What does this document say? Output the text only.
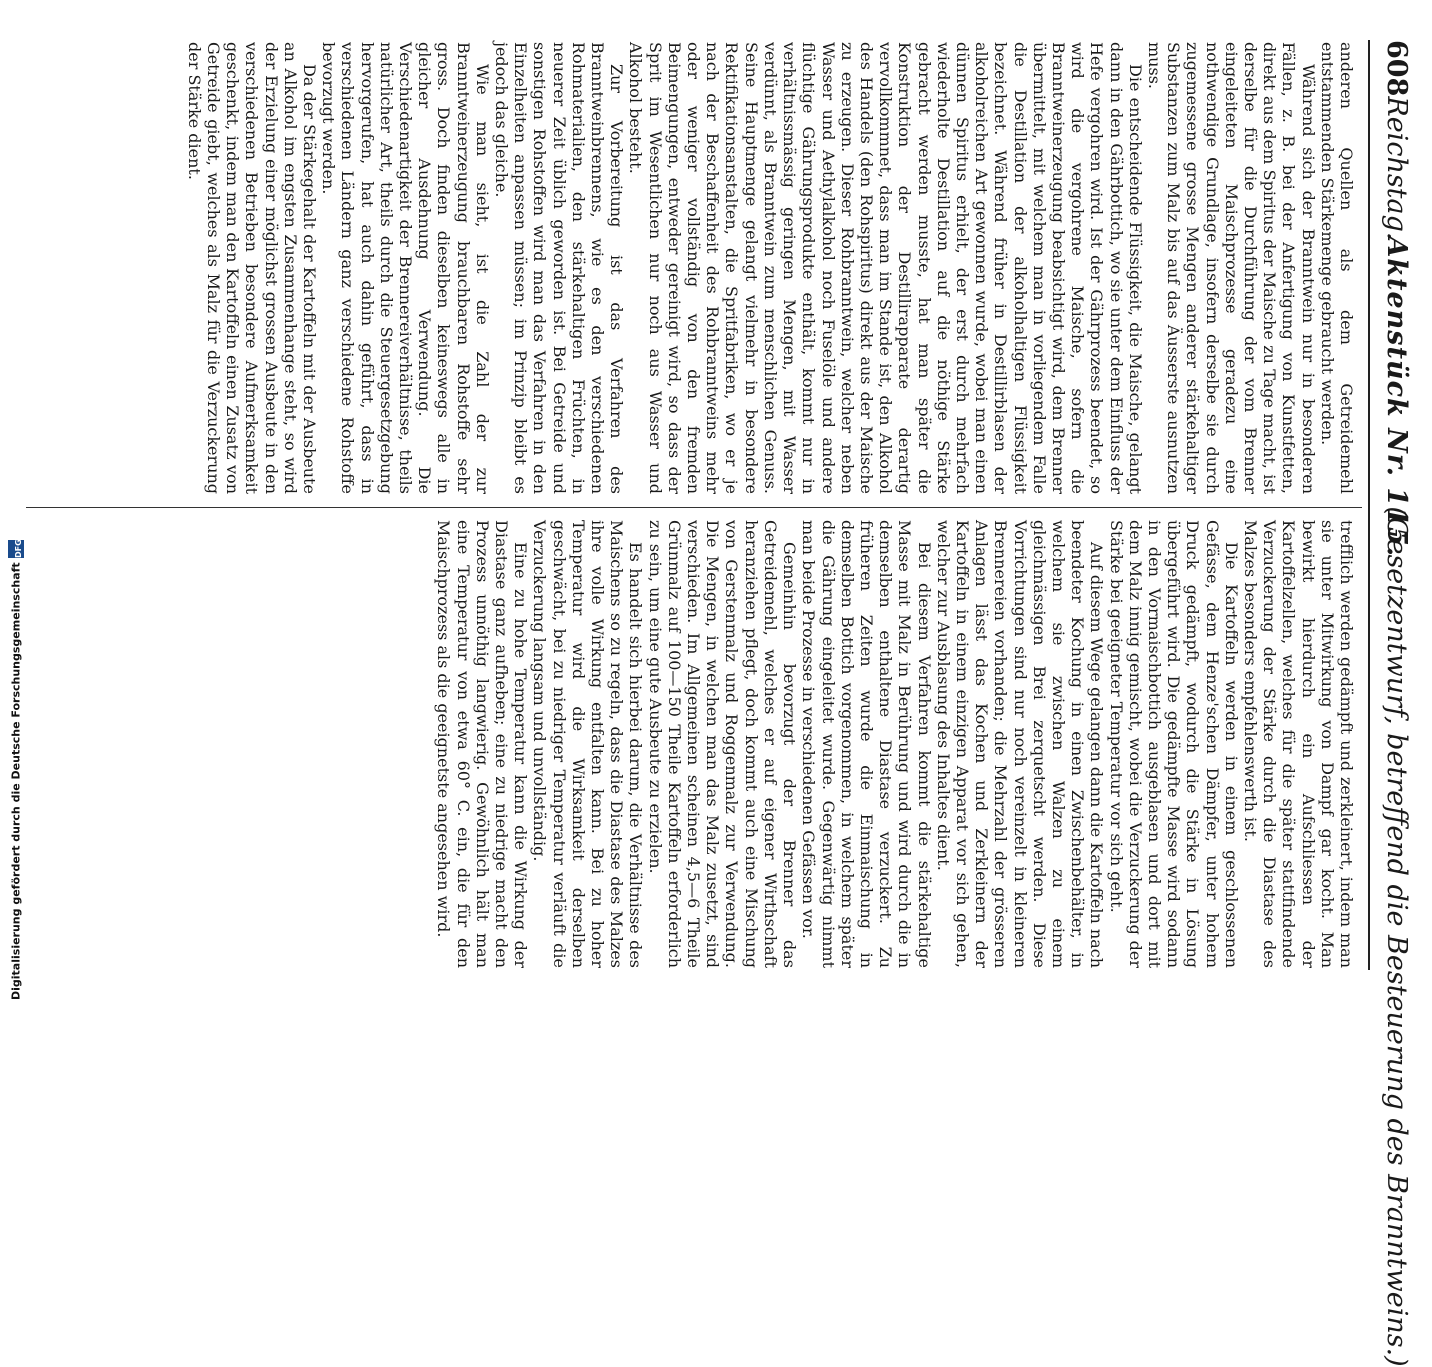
608
Reichstag.
Aktenstück Nr. 115.
(Gesetzentwurf, betreffend die Besteuerung des Branntweins.)

anderen Quellen als dem Getreidemehl entstammenden Stärkemenge gebraucht werden.

Während sich der Branntwein nur in besonderen Fällen, z. B. bei der Anfertigung von Kunstfetten, direkt aus dem Spiritus der Maische zu Tage macht, ist derselbe für die Durchführung der vom Brenner eingeleiteten Maischprozesse geradezu eine nothwendige Grundlage, insofern derselbe sie durch zugemessene grosse Mengen anderer stärkehaltiger Substanzen zum Malz bis auf das Äusserste ausnutzen muss.

Die entscheidende Flüssigkeit, die Maische, gelangt dann in den Gährbottich, wo sie unter dem Einfluss der Hefe vergohren wird. Ist der Gährprozess beendet, so wird die vergohrene Maische, sofern die Branntweinerzeugung beabsichtigt wird, dem Brenner übermittelt, mit welchem man in vorliegendem Falle die Destillation der alkoholhaltigen Flüssigkeit bezeichnet. Während früher in Destillirblasen der alkoholreichen Art gewonnen wurde, wobei man einen dünnen Spiritus erhielt, der erst durch mehrfach wiederholte Destillation auf die nöthige Stärke gebracht werden musste, hat man später die Konstruktion der Destillirapparate derartig vervollkommnet, dass man im Stande ist, den Alkohol des Handels (den Rohspiritus) direkt aus der Maische zu erzeugen. Dieser Rohbranntwein, welcher neben Wasser und Aethylalkohol noch Fuselöle und andere flüchtige Gährungsprodukte enthält, kommt nur in verhältnissmässig geringen Mengen, mit Wasser verdünnt, als Branntwein zum menschlichen Genuss. Seine Hauptmenge gelangt vielmehr in besondere Rektifikationsanstalten, die Spritfabriken, wo er je nach der Beschaffenheit des Rohbranntweins mehr oder weniger vollständig von den fremden Beimengungen, entweder gereinigt wird, so dass der Sprit im Wesentlichen nur noch aus Wasser und Alkohol besteht.

Zur Vorbereitung ist das Verfahren des Branntweinbrennens, wie es den verschiedenen Rohmaterialien, den stärkehaltigen Früchten, in neuerer Zeit üblich geworden ist. Bei Getreide und sonstigen Rohstoffen wird man das Verfahren in den Einzelheiten anpassen müssen; im Prinzip bleibt es jedoch das gleiche.

Wie man sieht, ist die Zahl der zur Branntweinerzeugung brauchbaren Rohstoffe sehr gross. Doch finden dieselben keineswegs alle in gleicher Ausdehnung Verwendung. Die Verschiedenartigkeit der Brennereiverhältnisse, theils natürlicher Art, theils durch die Steuergesetzgebung hervorgerufen, hat auch dahin geführt, dass in verschiedenen Ländern ganz verschiedene Rohstoffe bevorzugt werden.

Da der Stärkegehalt der Kartoffeln mit der Ausbeute an Alkohol im engsten Zusammenhange steht, so wird der Erzielung einer möglichst grossen Ausbeute in den verschiedenen Betrieben besondere Aufmerksamkeit geschenkt, indem man den Kartoffeln einen Zusatz von Getreide giebt, welches als Malz für die Verzuckerung der Stärke dient.

trefflich werden gedämpft und zerkleinert, indem man sie unter Mitwirkung von Dampf gar kocht. Man bewirkt hierdurch ein Aufschliessen der Kartoffelzellen, welches für die später stattfindende Verzuckerung der Stärke durch die Diastase des Malzes besonders empfehlenswerth ist.

Die Kartoffeln werden in einem geschlossenen Gefässe, dem Henze'schen Dämpfer, unter hohem Druck gedämpft, wodurch die Stärke in Lösung übergeführt wird. Die gedämpfte Masse wird sodann in den Vormaischbottich ausgeblasen und dort mit dem Malz innig gemischt, wobei die Verzuckerung der Stärke bei geeigneter Temperatur vor sich geht.

Auf diesem Wege gelangen dann die Kartoffeln nach beendeter Kochung in einen Zwischenbehälter, in welchem sie zwischen Walzen zu einem gleichmässigen Brei zerquetscht werden. Diese Vorrichtungen sind nur noch vereinzelt in kleineren Brennereien vorhanden; die Mehrzahl der grösseren Anlagen lässt das Kochen und Zerkleinern der Kartoffeln in einem einzigen Apparat vor sich gehen, welcher zur Ausblasung des Inhaltes dient.

Bei diesem Verfahren kommt die stärkehaltige Masse mit Malz in Berührung und wird durch die in demselben enthaltene Diastase verzuckert. Zu früheren Zeiten wurde die Einmaischung in demselben Bottich vorgenommen, in welchem später die Gährung eingeleitet wurde. Gegenwärtig nimmt man beide Prozesse in verschiedenen Gefässen vor.

Gemeinhin bevorzugt der Brenner das Getreidemehl, welches er auf eigener Wirthschaft heranziehen pflegt, doch kommt auch eine Mischung von Gerstenmalz und Roggenmalz zur Verwendung. Die Mengen, in welchen man das Malz zusetzt, sind verschieden. Im Allgemeinen scheinen 4,5—6 Theile Grünmalz auf 100—150 Theile Kartoffeln erforderlich zu sein, um eine gute Ausbeute zu erzielen.

Es handelt sich hierbei darum, die Verhältnisse des Maischens so zu regeln, dass die Diastase des Malzes ihre volle Wirkung entfalten kann. Bei zu hoher Temperatur wird die Wirksamkeit derselben geschwächt, bei zu niedriger Temperatur verläuft die Verzuckerung langsam und unvollständig.

Eine zu hohe Temperatur kann die Wirkung der Diastase ganz aufheben; eine zu niedrige macht den Prozess unnöthig langwierig. Gewöhnlich hält man eine Temperatur von etwa 60° C. ein, die für den Maischprozess als die geeignetste angesehen wird.

Digitalisierung gefördert durch die Deutsche Forschungsgemeinschaft
DFG
